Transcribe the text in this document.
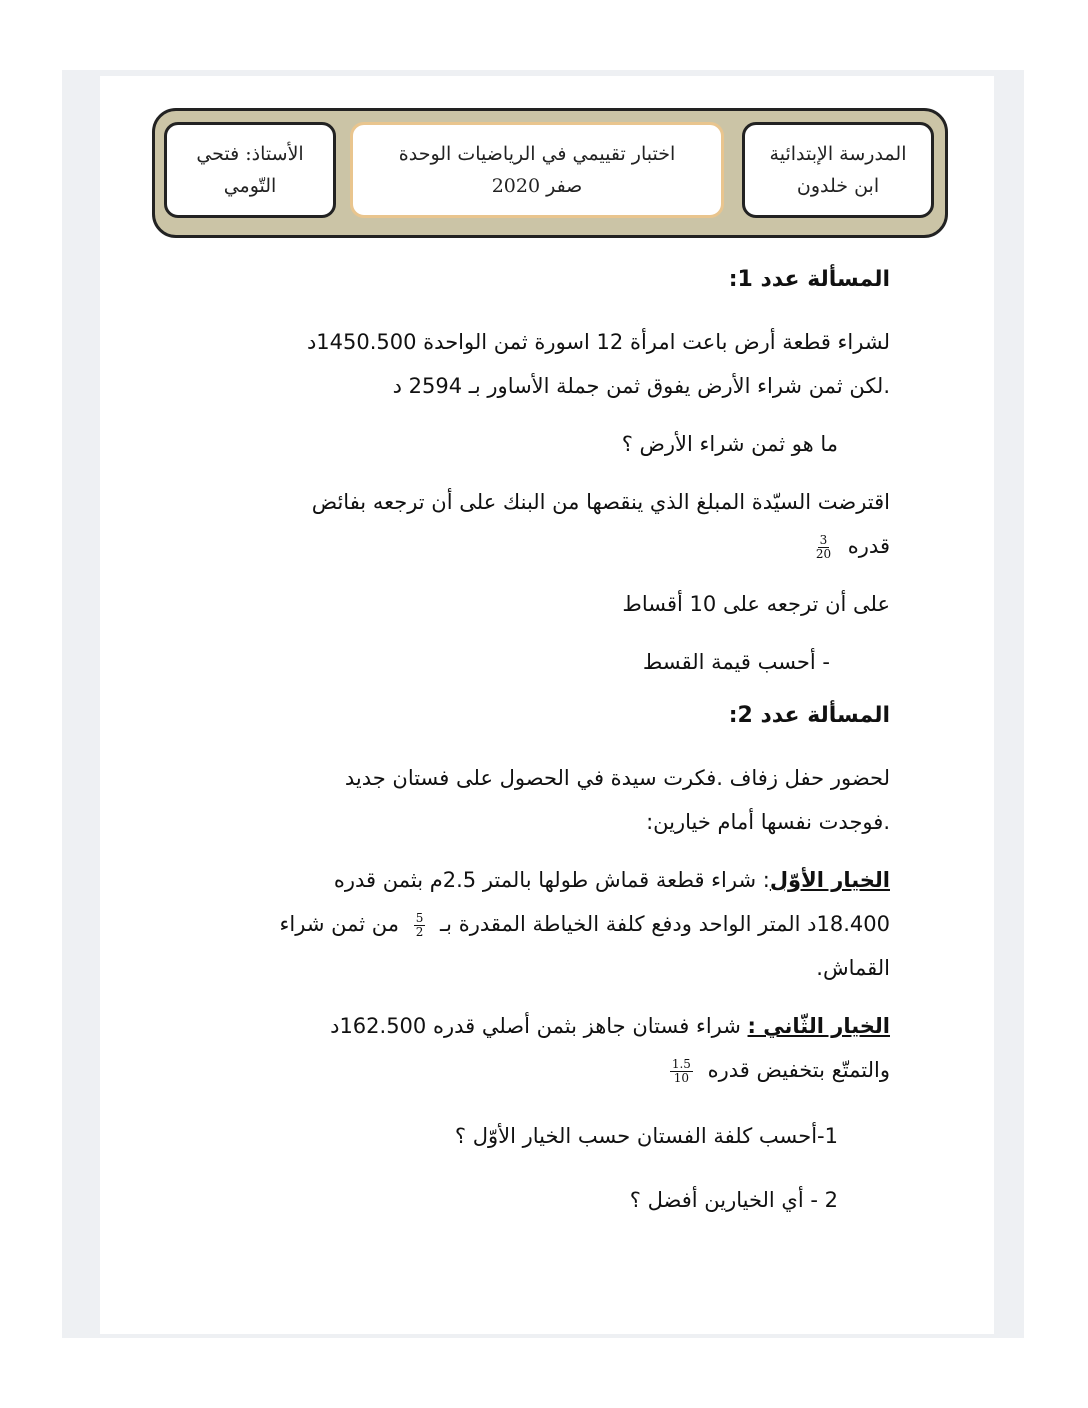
المدرسة الإبتدائية
ابن خلدون
اختبار تقييمي في الرياضيات الوحدة
صفر 2020
الأستاذ: فتحي
التّومي
المسألة عدد 1:
لشراء قطعة أرض باعت امرأة 12 اسورة ثمن الواحدة 1450.500د
.لكن ثمن شراء الأرض يفوق ثمن جملة الأساور بـ 2594 د
ما هو ثمن شراء الأرض ؟
اقترضت السيّدة المبلغ الذي ينقصها من البنك على أن ترجعه بفائض
قدره
$\frac{3}{20}$
على أن ترجعه على 10 أقساط
- أحسب قيمة القسط
المسألة عدد 2:
لحضور حفل زفاف .فكرت سيدة في الحصول على فستان جديد
.فوجدت نفسها أمام خيارين:
الخيار الأوّل: شراء قطعة قماش طولها بالمتر 2.5م بثمن قدره
18.400د المتر الواحد ودفع كلفة الخياطة المقدرة بـ
$\frac{5}{2}$
من ثمن شراء
القماش.
الخيار الثّاني : شراء فستان جاهز بثمن أصلي قدره 162.500د
والتمتّع بتخفيض قدره
$\frac{1.5}{10}$
1-أحسب كلفة الفستان حسب الخيار الأوّل ؟
2 - أي الخيارين أفضل ؟
